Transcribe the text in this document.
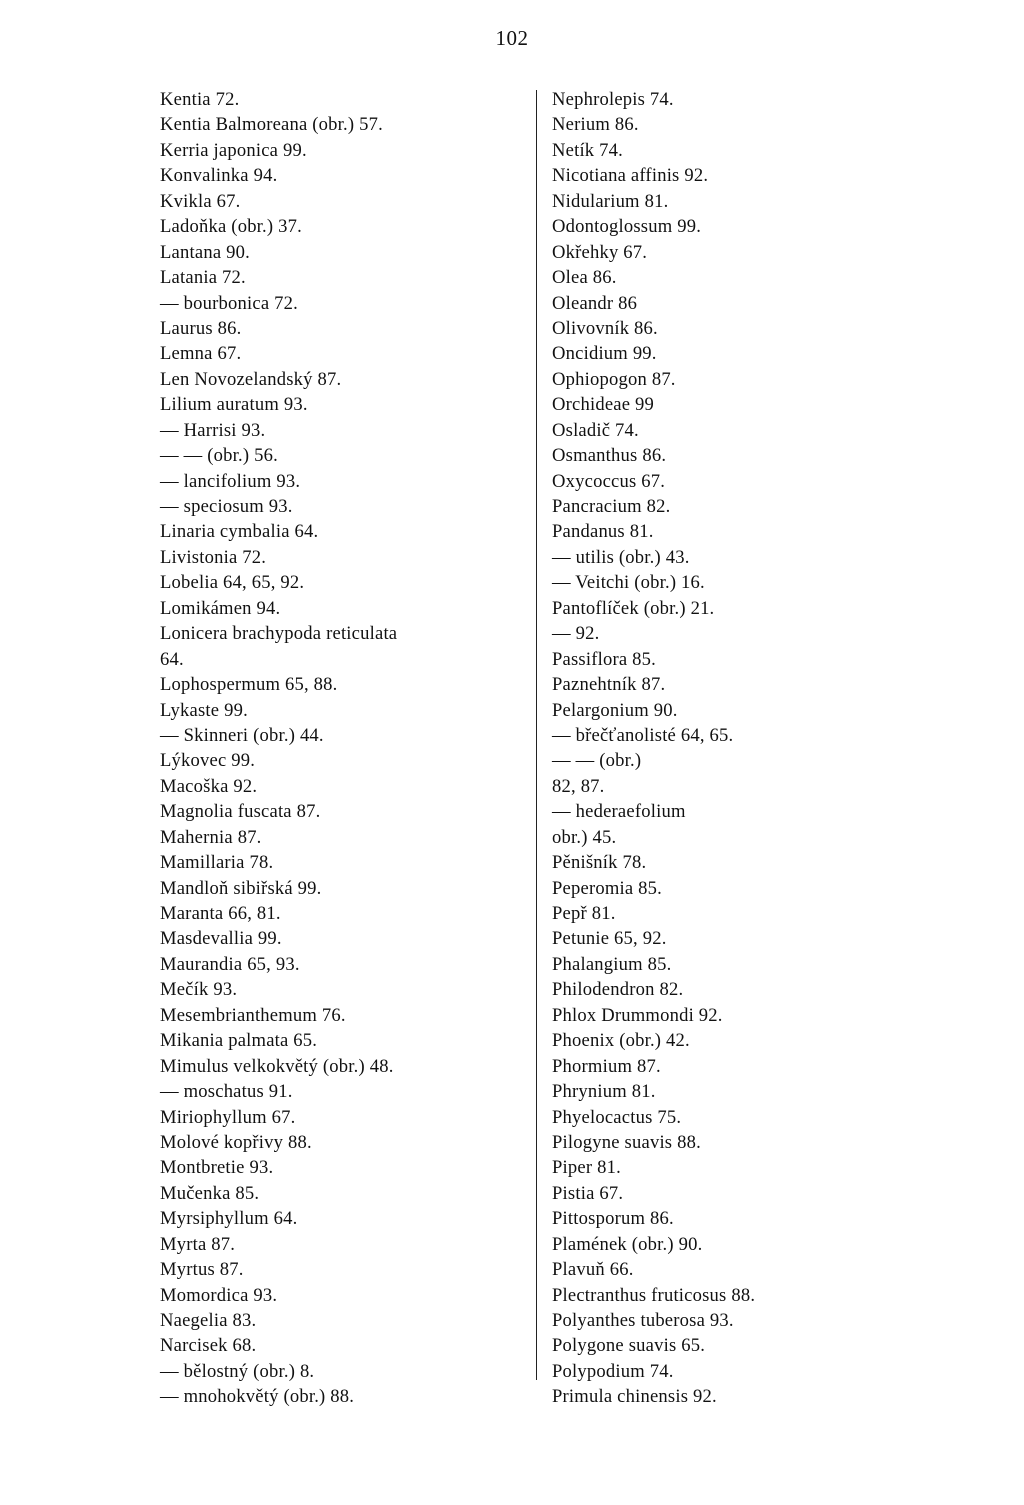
102
Kentia 72.
Kentia Balmoreana (obr.) 57.
Kerria japonica 99.
Konvalinka 94.
Kvikla 67.
Ladoňka (obr.) 37.
Lantana 90.
Latania 72.
— bourbonica 72.
Laurus 86.
Lemna 67.
Len Novozelandský 87.
Lilium auratum 93.
— Harrisi 93.
— — (obr.) 56.
— lancifolium 93.
— speciosum 93.
Linaria cymbalia 64.
Livistonia 72.
Lobelia 64, 65, 92.
Lomikámen 94.
Lonicera brachypoda reticulata
64.
Lophospermum 65, 88.
Lykaste 99.
— Skinneri (obr.) 44.
Lýkovec 99.
Macoška 92.
Magnolia fuscata 87.
Mahernia 87.
Mamillaria 78.
Mandloň sibiřská 99.
Maranta 66, 81.
Masdevallia 99.
Maurandia 65, 93.
Mečík 93.
Mesembrianthemum 76.
Mikania palmata 65.
Mimulus velkokvětý (obr.) 48.
— moschatus 91.
Miriophyllum 67.
Molové kopřivy 88.
Montbretie 93.
Mučenka 85.
Myrsiphyllum 64.
Myrta 87.
Myrtus 87.
Momordica 93.
Naegelia 83.
Narcisek 68.
— bělostný (obr.) 8.
— mnohokvětý (obr.) 88.
Nephrolepis 74.
Nerium 86.
Netík 74.
Nicotiana affinis 92.
Nidularium 81.
Odontoglossum 99.
Okřehky 67.
Olea 86.
Oleandr 86
Olivovník 86.
Oncidium 99.
Ophiopogon 87.
Orchideae 99
Osladič 74.
Osmanthus 86.
Oxycoccus 67.
Pancracium 82.
Pandanus 81.
— utilis (obr.) 43.
— Veitchi (obr.) 16.
Pantoflíček (obr.) 21.
— 92.
Passiflora 85.
Paznehtník 87.
Pelargonium 90.
— břečťanolisté 64, 65.
— — (obr.)
82, 87.
— hederaefolium
obr.) 45.
Pěnišník 78.
Peperomia 85.
Pepř 81.
Petunie 65, 92.
Phalangium 85.
Philodendron 82.
Phlox Drummondi 92.
Phoenix (obr.) 42.
Phormium 87.
Phrynium 81.
Phyelocactus 75.
Pilogyne suavis 88.
Piper 81.
Pistia 67.
Pittosporum 86.
Plamének (obr.) 90.
Plavuň 66.
Plectranthus fruticosus 88.
Polyanthes tuberosa 93.
Polygone suavis 65.
Polypodium 74.
Primula chinensis 92.
